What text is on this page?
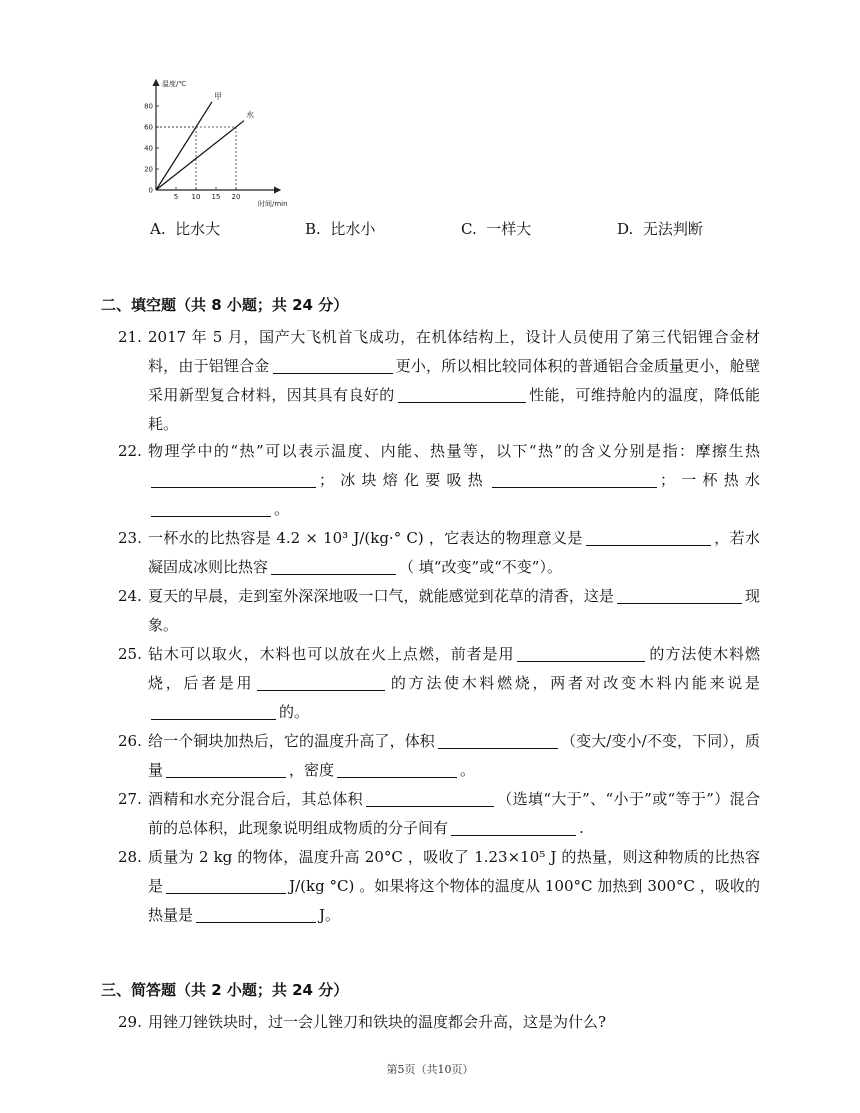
甲
水
5 10 15 20
0
20
40
60
80
温度/℃
时间/min
A. 比水大	B. 比水小	C. 一样大	D. 无法判断
二、填空题（共 8 小题；共 24 分）
21. 2017 年 5 月，国产大飞机首飞成功，在机体结构上，设计人员使用了第三代铝锂合金材料，由于铝锂合金	更小，所以相比较同体积的普通铝合金质量更小，舱壁采用新型复合材料，因其具有良好的	性能，可维持舱内的温度，降低能耗。
22. 物理学中的“热”可以表示温度、内能、热量等，以下“热”的含义分别是指：摩擦生热；冰块熔化要吸热	；一杯热水。
23. 一杯水的比热容是 4.2 × 10³ J/(kg·° C) ，它表达的物理意义是	，若水凝固成冰则比热容	（ 填“改变”或“不变”）。
24. 夏天的早晨，走到室外深深地吸一口气，就能感觉到花草的清香，这是	现象。
25. 钻木可以取火，木料也可以放在火上点燃，前者是用	的方法使木料燃烧，后者是用	的方法使木料燃烧，两者对改变木料内能来说是的。
26. 给一个铜块加热后，它的温度升高了，体积	（变大/变小/不变，下同），质量	，密度	。
27. 酒精和水充分混合后，其总体积	（选填“大于”、“小于”或“等于”）混合前的总体积，此现象说明组成物质的分子间有	.
28. 质量为 2 kg 的物体，温度升高 20°C ，吸收了 1.23×10⁵ J 的热量，则这种物质的比热容是	J/(kg °C) 。如果将这个物体的温度从 100°C 加热到 300°C ，吸收的热量是	J。
三、简答题（共 2 小题；共 24 分）
29. 用锉刀锉铁块时，过一会儿锉刀和铁块的温度都会升高，这是为什么?
第5页（共10页）
